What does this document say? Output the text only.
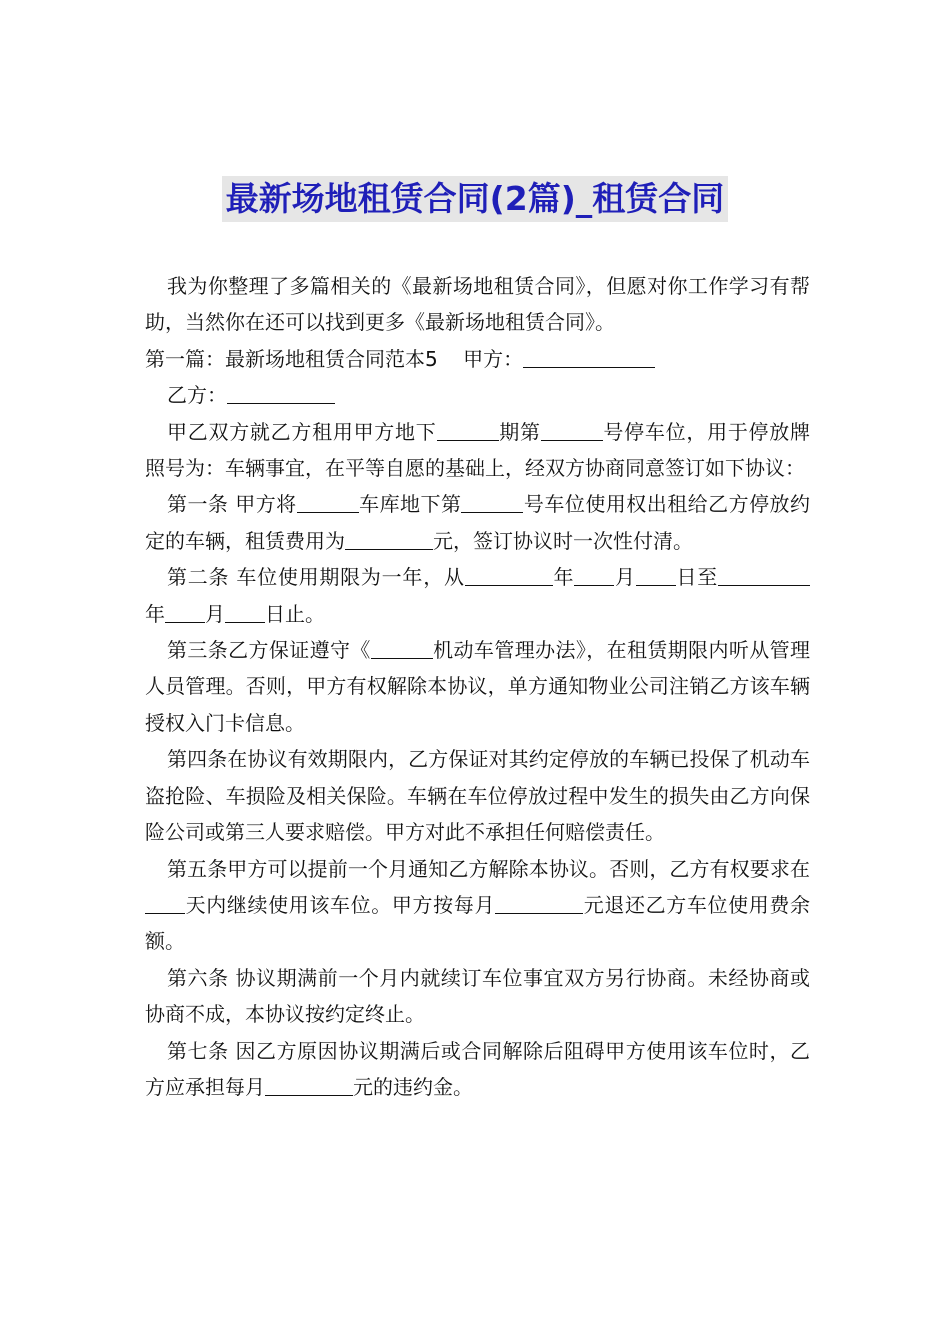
最新场地租赁合同(2篇)_租赁合同

我为你整理了多篇相关的《最新场地租赁合同》，但愿对你工作学习有帮助，当然你在还可以找到更多《最新场地租赁合同》。

第一篇：最新场地租赁合同范本5 甲方：

乙方：

甲乙双方就乙方租用甲方地下	期第	号停车位，用于停放牌照号为：车辆事宜，在平等自愿的基础上，经双方协商同意签订如下协议：

第一条 甲方将	车库地下第	号车位使用权出租给乙方停放约定的车辆，租赁费用为	元，签订协议时一次性付清。

第二条 车位使用期限为一年，从	年 月 日至年 月 日止。

第三条乙方保证遵守《	机动车管理办法》，在租赁期限内听从管理人员管理。否则，甲方有权解除本协议，单方通知物业公司注销乙方该车辆授权入门卡信息。

第四条在协议有效期限内，乙方保证对其约定停放的车辆已投保了机动车盗抢险、车损险及相关保险。车辆在车位停放过程中发生的损失由乙方向保险公司或第三人要求赔偿。甲方对此不承担任何赔偿责任。

第五条甲方可以提前一个月通知乙方解除本协议。否则，乙方有权要求在天内继续使用该车位。甲方按每月	元退还乙方车位使用费余额。

第六条 协议期满前一个月内就续订车位事宜双方另行协商。未经协商或协商不成，本协议按约定终止。

第七条 因乙方原因协议期满后或合同解除后阻碍甲方使用该车位时，乙方应承担每月	元的违约金。
